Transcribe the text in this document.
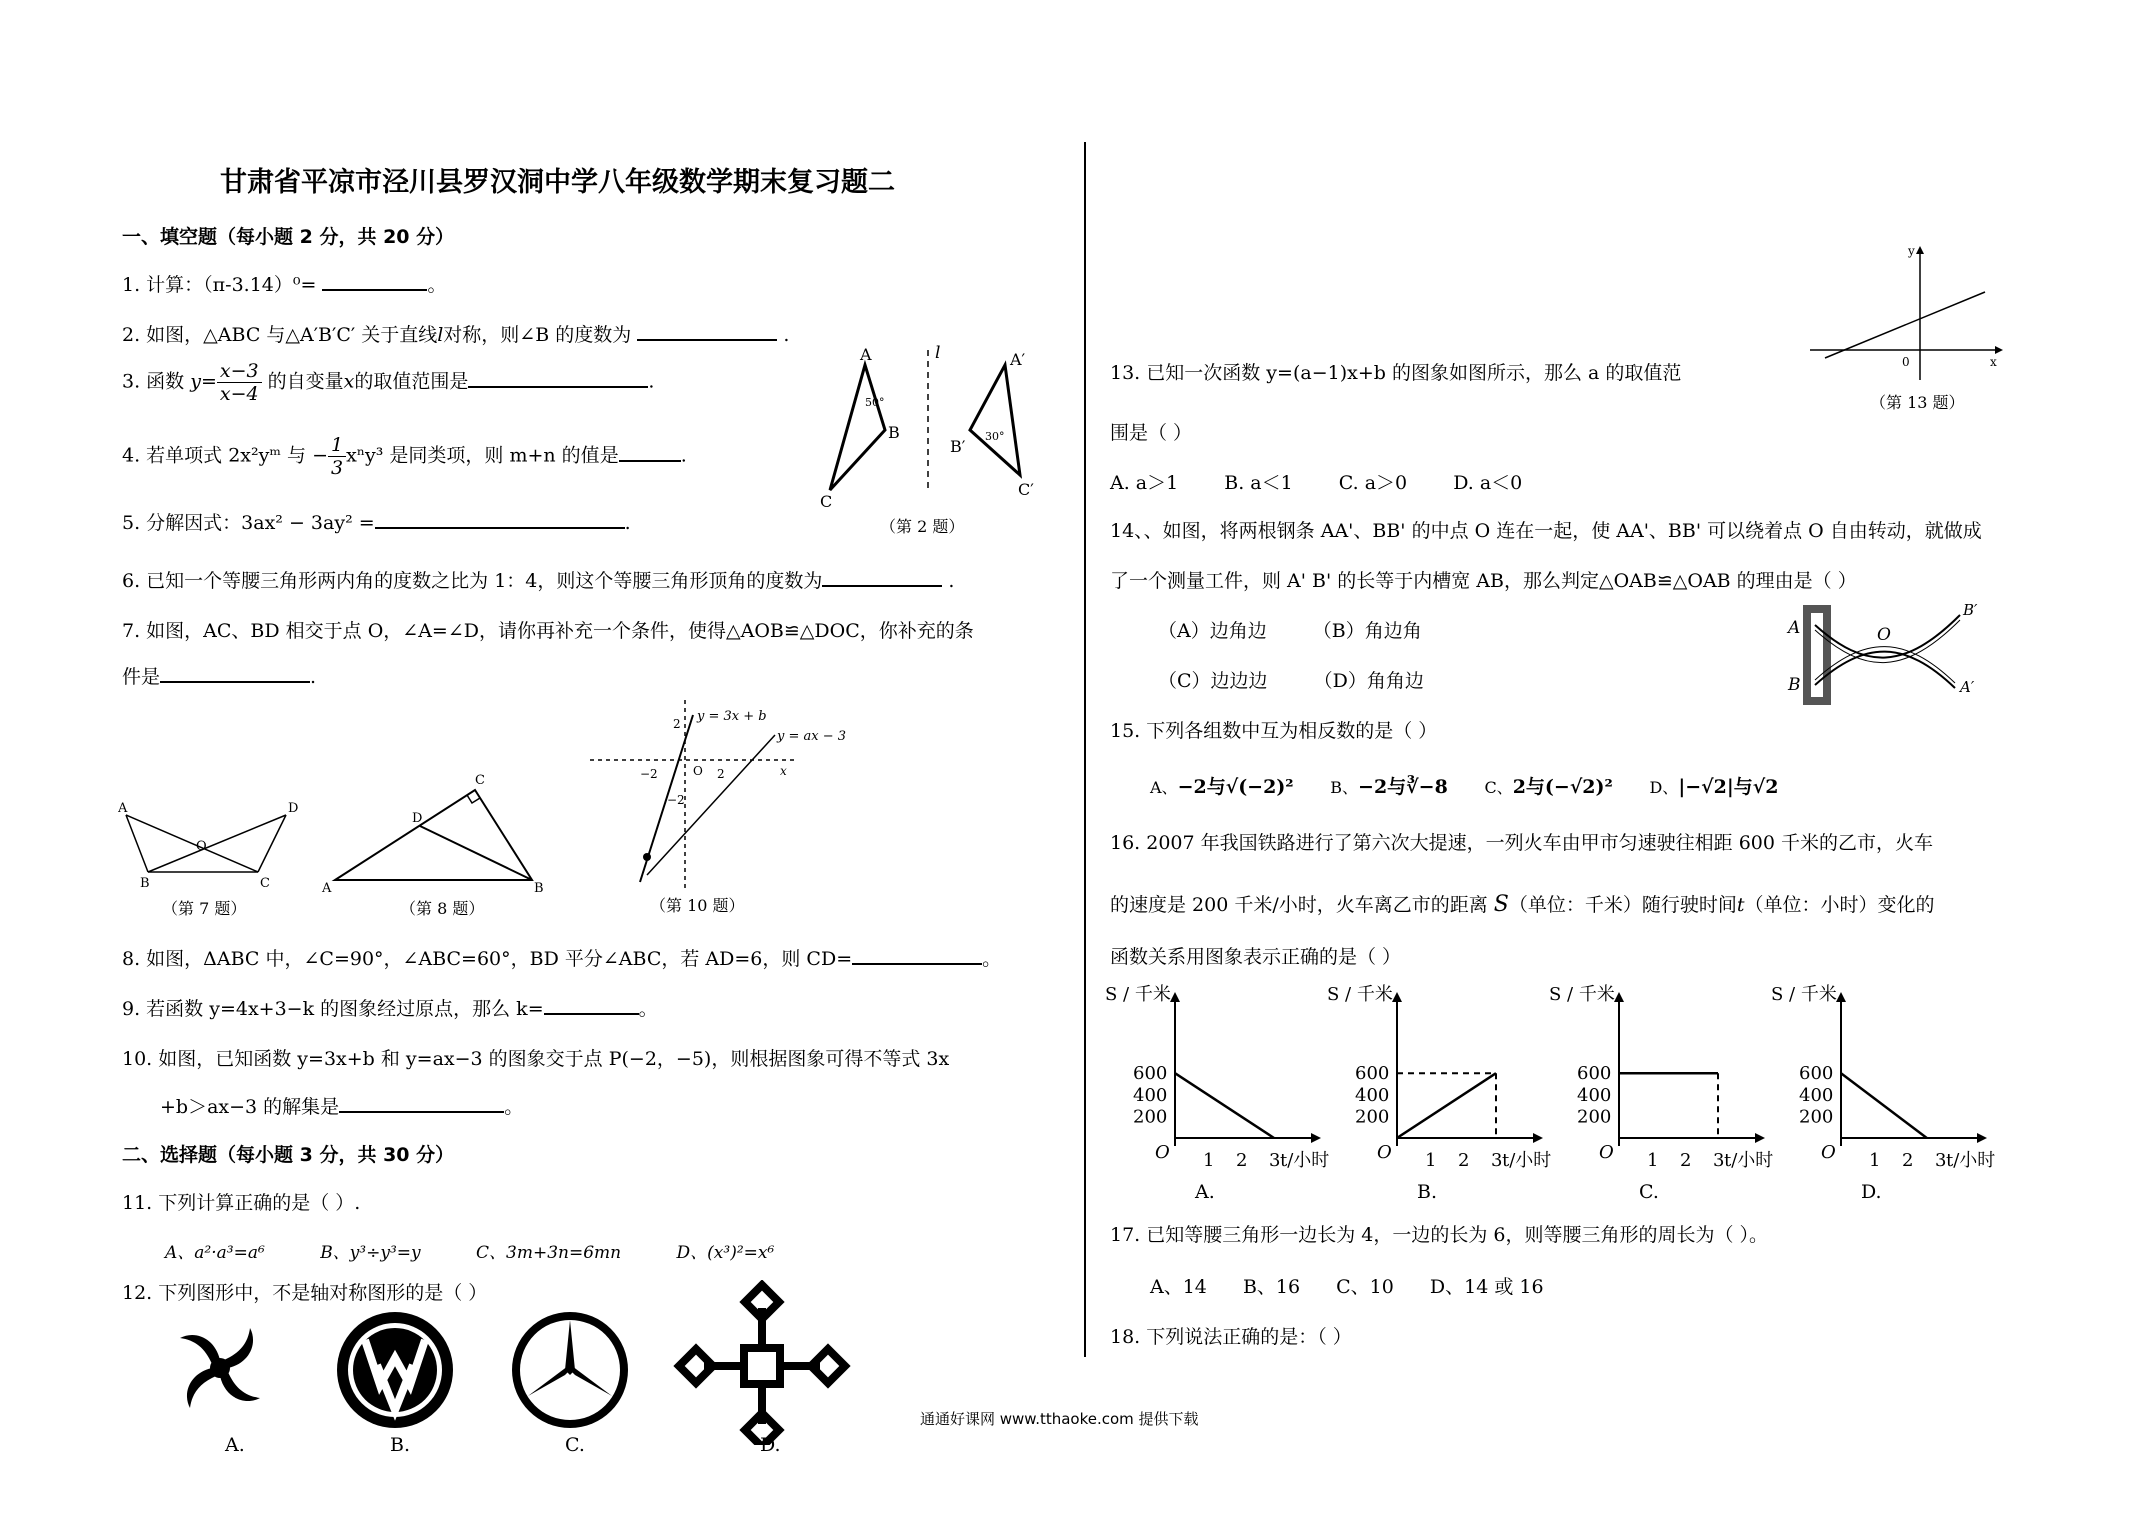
甘肃省平凉市泾川县罗汉洞中学八年级数学期末复习题二
一、填空题（每小题 2 分，共 20 分）
1. 计算：（π-3.14）⁰=	。
2. 如图，△ABC 与△A′B′C′ 关于直线l对称，则∠B 的度数为	.
3. 函数 $y= \frac{x-3}{x-4}$ 的自变量x的取值范围是	.
4. 若单项式 2x²yᵐ 与 − $\frac{1}{3} x^ny^3$ 是同类项，则 m+n 的值是	.
5. 分解因式：3ax² − 3ay² =	.
6. 已知一个等腰三角形两内角的度数之比为 1：4，则这个等腰三角形顶角的度数为	.
7. 如图，AC、BD 相交于点 O，∠A=∠D，请你再补充一个条件，使得△AOB≌△DOC，你补充的条
件是	.
A
B
C
50°
A′
B′
C′
30°
l
（第 2 题）
A	D
O
B	C
（第 7 题）
A
C
D
B
（第 8 题）
y = 3x + b
y = ax − 3
2
−2	O 2
−2
x
（第 10 题）
8. 如图，ΔABC 中，∠C=90°，∠ABC=60°，BD 平分∠ABC，若 AD=6，则 CD=	。
9. 若函数 y=4x+3−k 的图象经过原点，那么 k=	。
10. 如图，已知函数 y=3x+b 和 y=ax−3 的图象交于点 P(−2，−5)，则根据图象可得不等式 3x
+b＞ax−3 的解集是	。
二、选择题（每小题 3 分，共 30 分）
11. 下列计算正确的是（ ）.
A、a²·a³=a⁶	B、y³÷y³=y	C、3m+3n=6mn	D、(x³)²=x⁶
12. 下列图形中，不是轴对称图形的是（ ）
A.	B.	C.	D.
y
0	x
（第 13 题）
13. 已知一次函数 y=(a−1)x+b 的图象如图所示，那么 a 的取值范
围是（ ）
A. a＞1 B. a＜1 C. a＞0 D. a＜0
14、、如图，将两根钢条 AA'、BB' 的中点 O 连在一起，使 AA'、BB' 可以绕着点 O 自由转动，就做成
了一个测量工件，则 A' B' 的长等于内槽宽 AB，那么判定△OAB≌△OAB 的理由是（ ）
（A）边角边 （B）角边角
（C）边边边 （D）角角边
A
B
O
B′
A′
15. 下列各组数中互为相反数的是（ ）
A、−2与√(−2)² B、−2与∛−8 C、2与(−√2)² D、|−√2|与√2
16. 2007 年我国铁路进行了第六次大提速，一列火车由甲市匀速驶往相距 600 千米的乙市，火车
的速度是 200 千米/小时，火车离乙市的距离 S（单位：千米）随行驶时间t（单位：小时）变化的
函数关系用图象表示正确的是（ ）
S / 千米
O
200
400
600
1 2 3 t/小时
A.
S / 千米
O
200
400
600
1 2 3 t/小时
B.
S / 千米
O
200
400
600
1 2 3 t/小时
C.
S / 千米
O
200
400
600
1 2 3 t/小时
D.
17. 已知等腰三角形一边长为 4，一边的长为 6，则等腰三角形的周长为（ ）。
A、14 B、16 C、10 D、14 或 16
18. 下列说法正确的是：（ ）
通通好课网 www.tthaoke.com 提供下载
